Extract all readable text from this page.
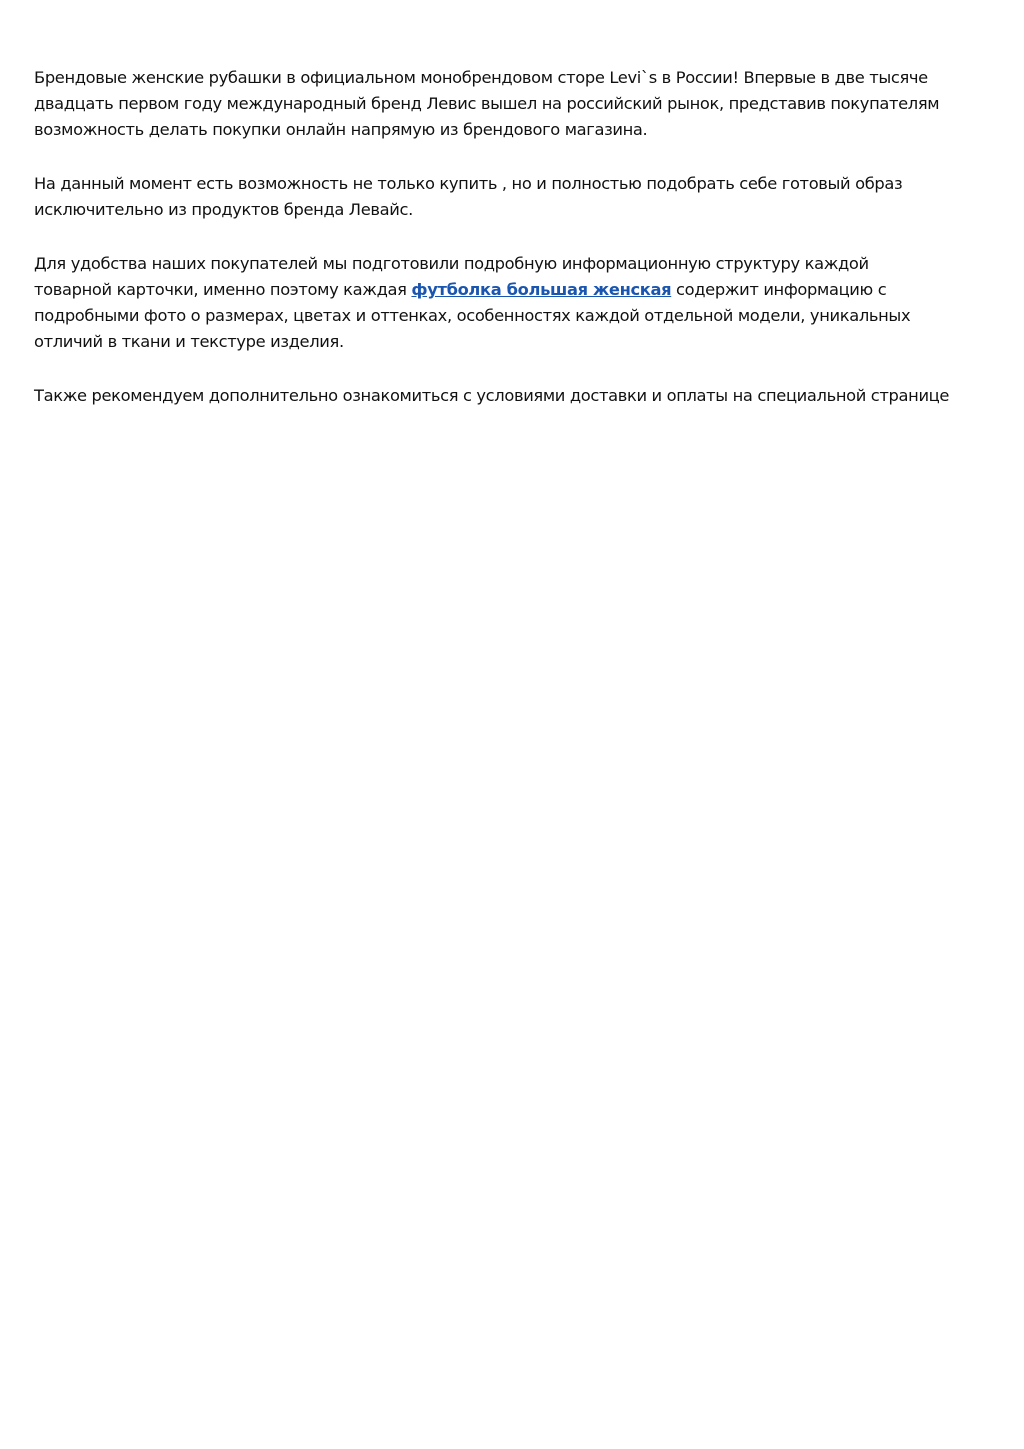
Брендовые женские рубашки в официальном монобрендовом сторе Levi`s в России! Впервые в две тысяче
двадцать первом году международный бренд Левис вышел на российский рынок, представив покупателям
возможность делать покупки онлайн напрямую из брендового магазина.

На данный момент есть возможность не только купить , но и полностью подобрать себе готовый образ
исключительно из продуктов бренда Левайс.

Для удобства наших покупателей мы подготовили подробную информационную структуру каждой
товарной карточки, именно поэтому каждая футболка большая женская содержит информацию с
подробными фото о размерах, цветах и оттенках, особенностях каждой отдельной модели, уникальных
отличий в ткани и текстуре изделия.

Также рекомендуем дополнительно ознакомиться с условиями доставки и оплаты на специальной странице
